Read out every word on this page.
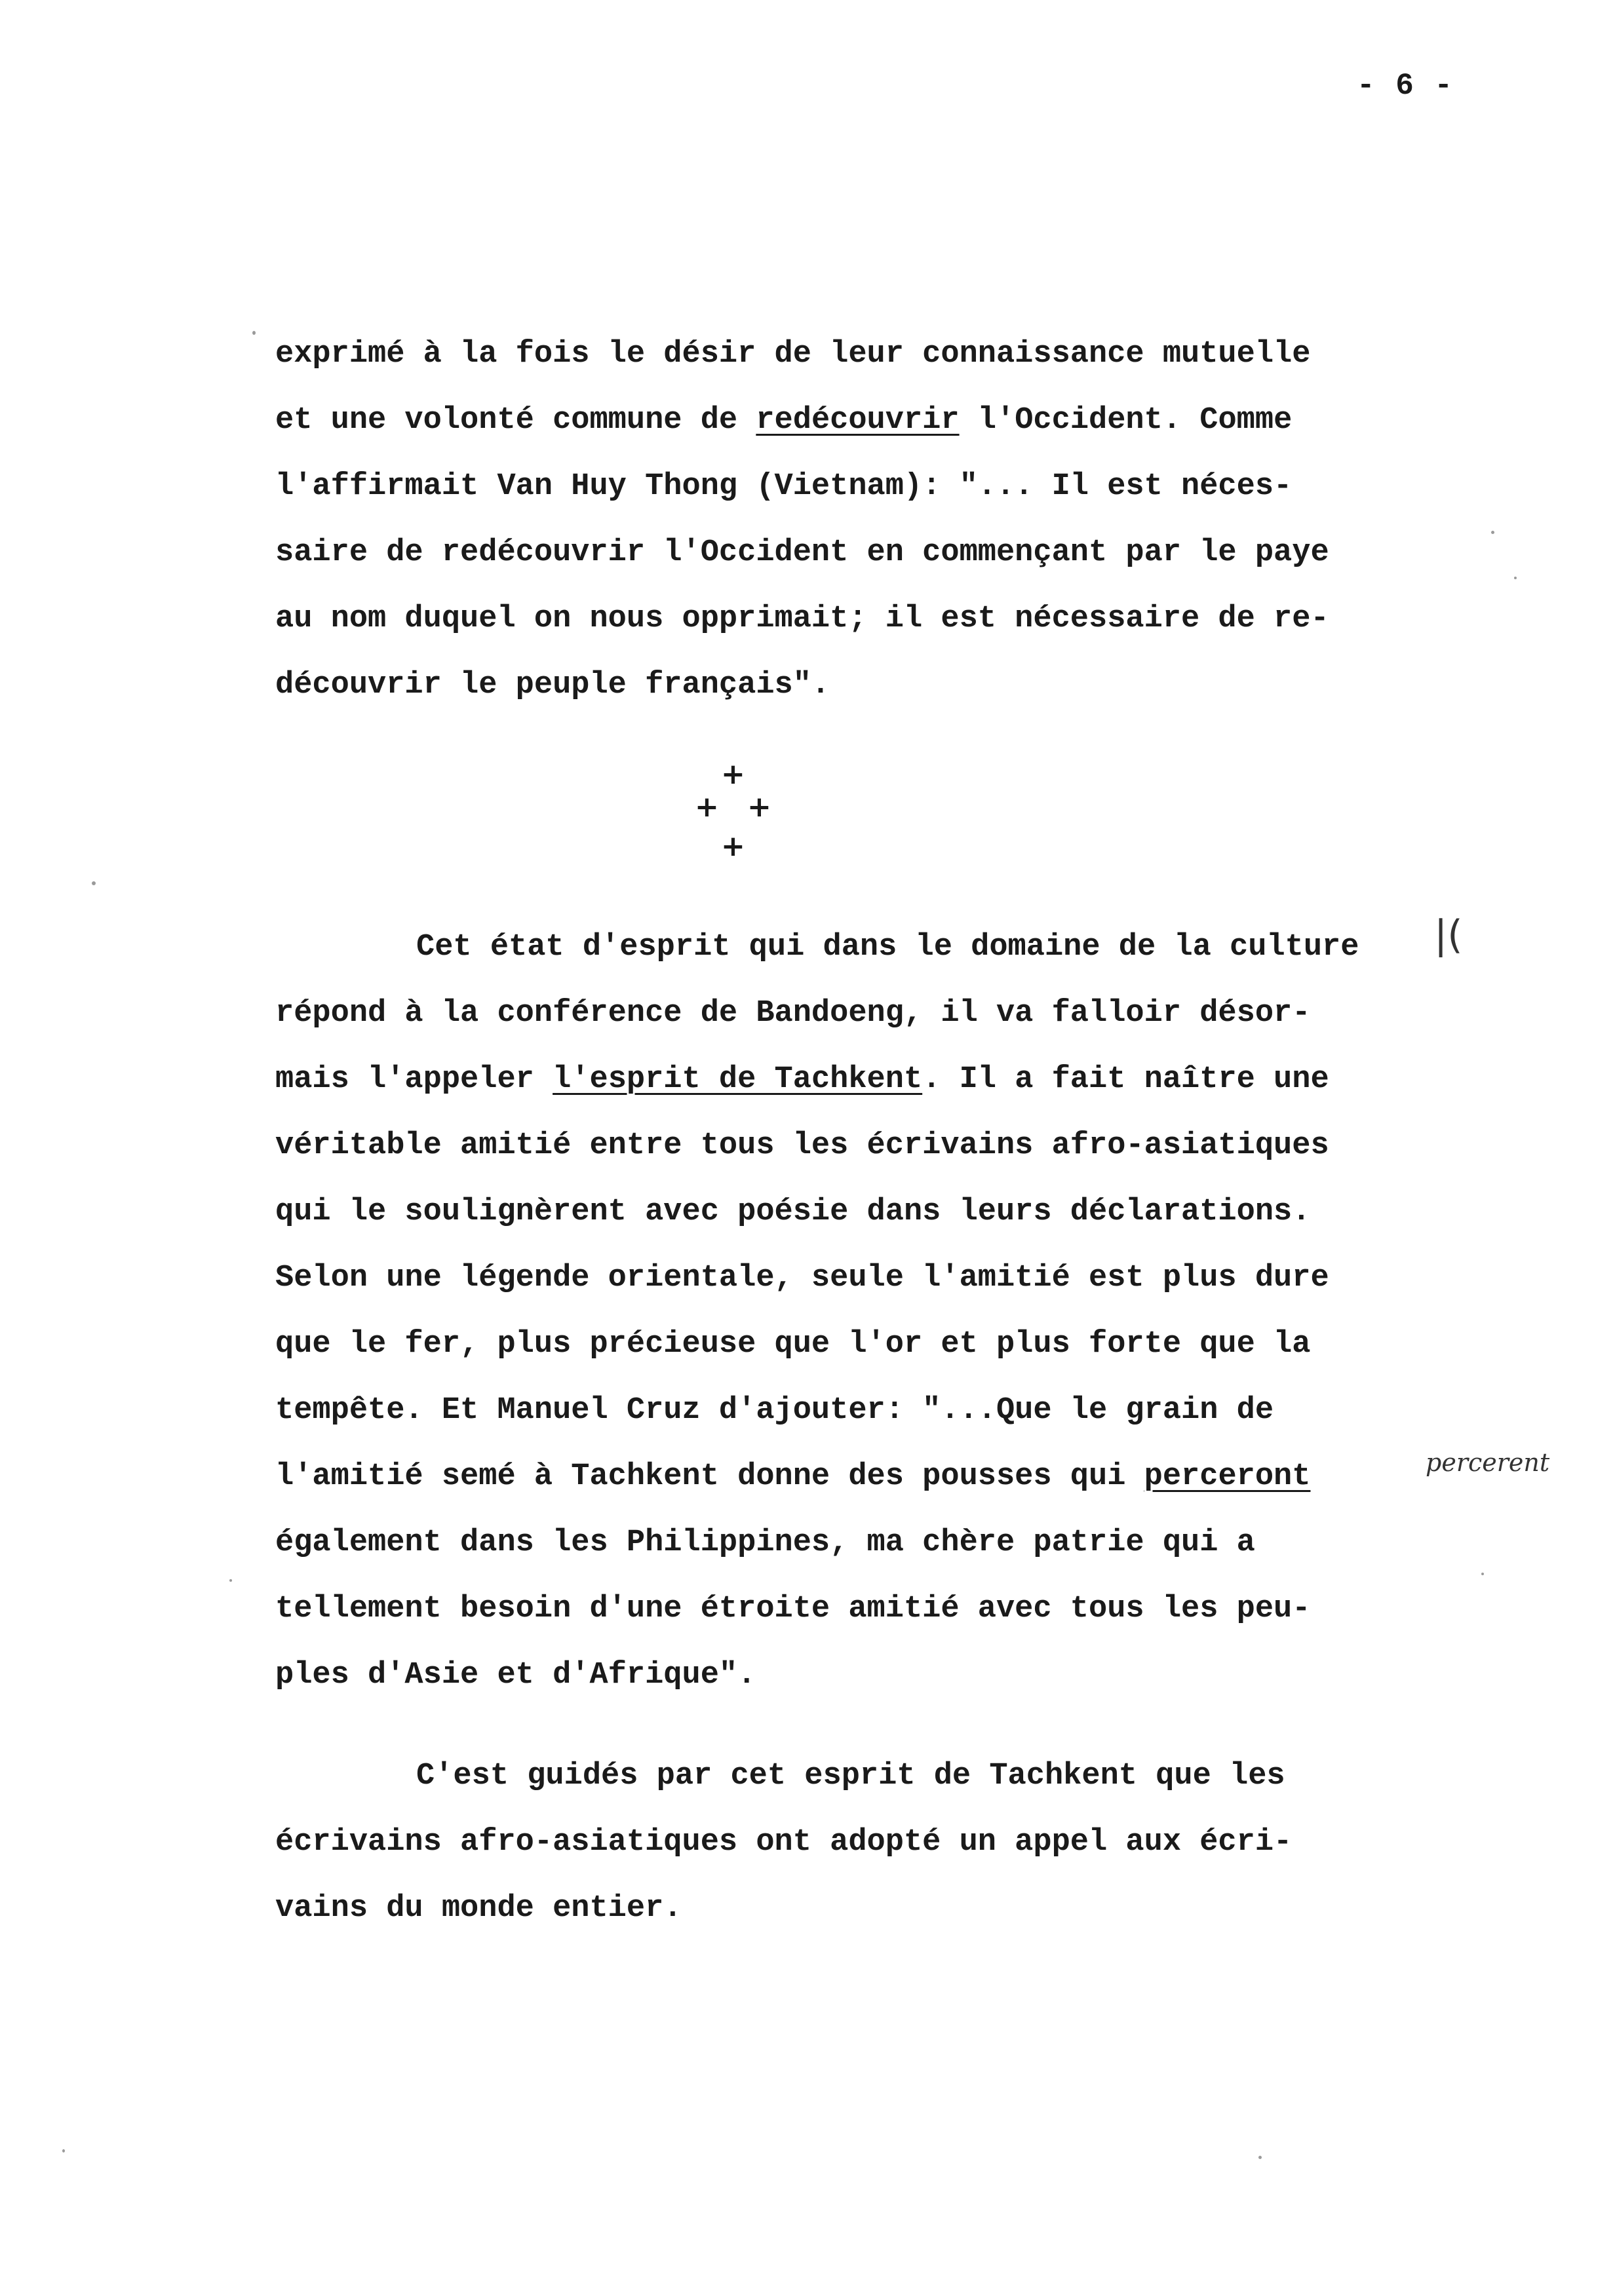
- 6 -
exprimé à la fois le désir de leur connaissance mutuelle
et une volonté commune de redécouvrir l'Occident. Comme
l'affirmait Van Huy Thong (Vietnam): "... Il est néces-
saire de redécouvrir l'Occident en commençant par le paye
au nom duquel on nous opprimait; il est nécessaire de re-
découvrir le peuple français".
+
+ +
+
Cet état d'esprit qui dans le domaine de la culture
répond à la conférence de Bandoeng, il va falloir désor-
mais l'appeler l'esprit de Tachkent. Il a fait naître une
véritable amitié entre tous les écrivains afro-asiatiques
qui le soulignèrent avec poésie dans leurs déclarations.
Selon une légende orientale, seule l'amitié est plus dure
que le fer, plus précieuse que l'or et plus forte que la
tempête. Et Manuel Cruz d'ajouter: "...Que le grain de
l'amitié semé à Tachkent donne des pousses qui perceront
également dans les Philippines, ma chère patrie qui a
tellement besoin d'une étroite amitié avec tous les peu-
ples d'Asie et d'Afrique".
C'est guidés par cet esprit de Tachkent que les
écrivains afro-asiatiques ont adopté un appel aux écri-
vains du monde entier.
|(
percerent
